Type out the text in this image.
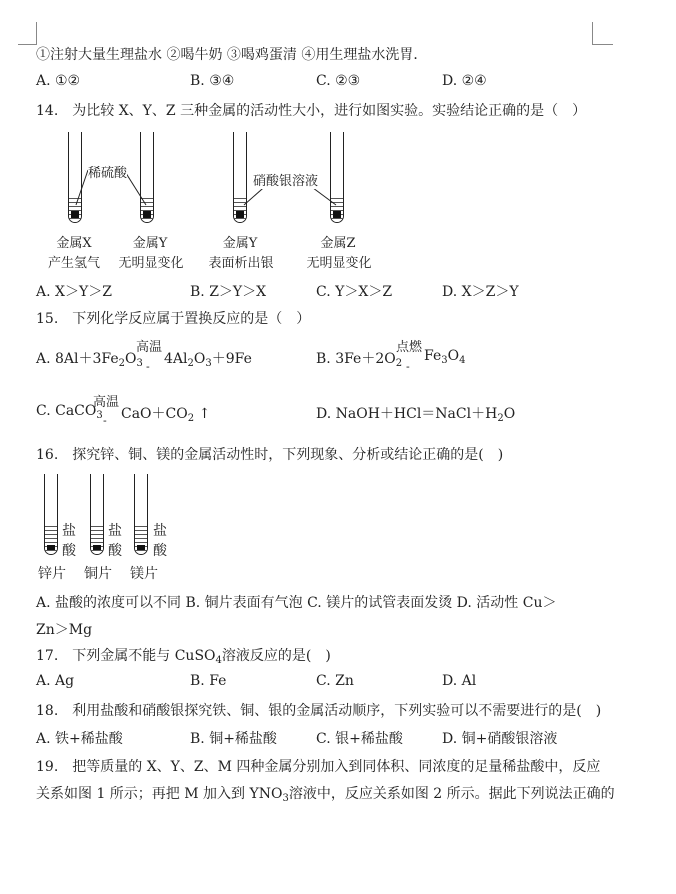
①注射大量生理盐水 ②喝牛奶 ③喝鸡蛋清 ④用生理盐水洗胃．
A. ①②	B. ③④	C. ②③	D. ②④
14.　为比较 X、Y、Z 三种金属的活动性大小，进行如图实验。实验结论正确的是（　）
稀硫酸
硝酸银溶液
金属X
产生氢气
金属Y
无明显变化
金属Y
表面析出银
金属Z
无明显变化
A. X＞Y＞Z	B. Z＞Y＞X	C. Y＞X＞Z	D. X＞Z＞Y
15.　下列化学反应属于置换反应的是（　）
A. $8Al+3Fe_2O_3$
高温
- $4Al_2O_3+9Fe$	B. $3Fe+2O_2$
点燃
-
$Fe_3O_4$
C. CaCO$_3$
高温
- $CaO+CO_2$ ↑	D. $NaOH+HCl=NaCl+H_2O$
16.　探究锌、铜、镁的金属活动性时，下列现象、分析或结论正确的是(　)
盐
酸
盐
酸
盐
酸
锌片 铜片 镁片
A. 盐酸的浓度可以不同 B. 铜片表面有气泡 C. 镁片的试管表面发烫 D. 活动性 Cu＞
Zn＞Mg
17.　下列金属不能与 CuSO$_4$溶液反应的是(　)
A. Ag	B. Fe	C. Zn	D. Al
18.　利用盐酸和硝酸银探究铁、铜、银的金属活动顺序，下列实验可以不需要进行的是(　)
A. 铁+稀盐酸	B. 铜+稀盐酸	C. 银+稀盐酸	D. 铜+硝酸银溶液
19.　把等质量的 X、Y、Z、M 四种金属分别加入到同体积、同浓度的足量稀盐酸中，反应
关系如图 1 所示；再把 M 加入到 $YNO_3$溶液中，反应关系如图 2 所示。据此下列说法正确的
